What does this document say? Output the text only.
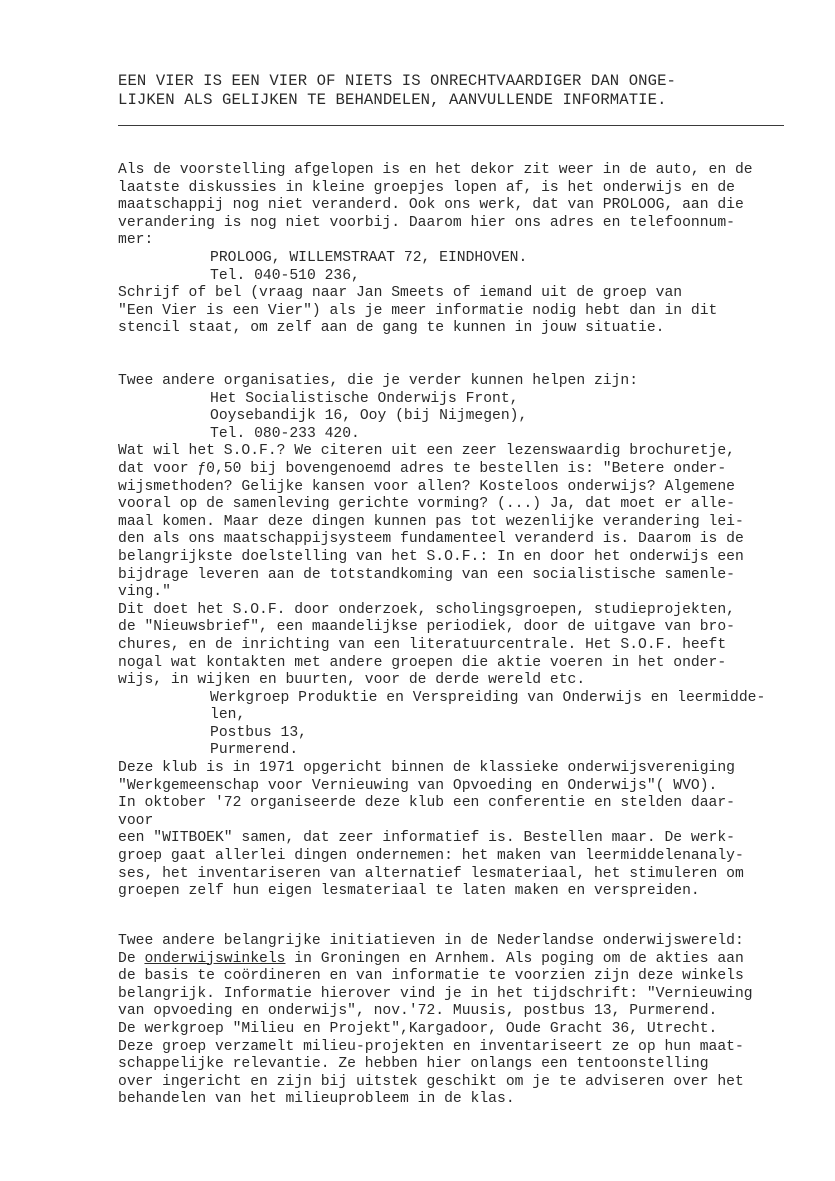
EEN VIER IS EEN VIER OF NIETS IS ONRECHTVAARDIGER DAN ONGE-
LIJKEN ALS GELIJKEN TE BEHANDELEN, AANVULLENDE INFORMATIE.
Als de voorstelling afgelopen is en het dekor zit weer in de auto, en de
laatste diskussies in kleine groepjes lopen af, is het onderwijs en de
maatschappij nog niet veranderd. Ook ons werk, dat van PROLOOG, aan die
verandering is nog niet voorbij. Daarom hier ons adres en telefoonnum-
mer:
PROLOOG, WILLEMSTRAAT 72, EINDHOVEN.
Tel. 040-510 236,
Schrijf of bel (vraag naar Jan Smeets of iemand uit de groep van
"Een Vier is een Vier") als je meer informatie nodig hebt dan in dit
stencil staat, om zelf aan de gang te kunnen in jouw situatie.
Twee andere organisaties, die je verder kunnen helpen zijn:
Het Socialistische Onderwijs Front,
Ooysebandijk 16, Ooy (bij Nijmegen),
Tel. 080-233 420.
Wat wil het S.O.F.? We citeren uit een zeer lezenswaardig brochuretje,
dat voor ƒ0,50 bij bovengenoemd adres te bestellen is: "Betere onder-
wijsmethoden? Gelijke kansen voor allen? Kosteloos onderwijs? Algemene
vooral op de samenleving gerichte vorming? (...) Ja, dat moet er alle-
maal komen. Maar deze dingen kunnen pas tot wezenlijke verandering lei-
den als ons maatschappijsysteem fundamenteel veranderd is. Daarom is de
belangrijkste doelstelling van het S.O.F.: In en door het onderwijs een
bijdrage leveren aan de totstandkoming van een socialistische samenle-
ving."
Dit doet het S.O.F. door onderzoek, scholingsgroepen, studieprojekten,
de "Nieuwsbrief", een maandelijkse periodiek, door de uitgave van bro-
chures, en de inrichting van een literatuurcentrale. Het S.O.F. heeft
nogal wat kontakten met andere groepen die aktie voeren in het onder-
wijs, in wijken en buurten, voor de derde wereld etc.
Werkgroep Produktie en Verspreiding van Onderwijs en leermidde-
len,
Postbus 13,
Purmerend.
Deze klub is in 1971 opgericht binnen de klassieke onderwijsvereniging
"Werkgemeenschap voor Vernieuwing van Opvoeding en Onderwijs"( WVO).
In oktober '72 organiseerde deze klub een conferentie en stelden daar-
voor
een "WITBOEK" samen, dat zeer informatief is. Bestellen maar. De werk-
groep gaat allerlei dingen ondernemen: het maken van leermiddelenanaly-
ses, het inventariseren van alternatief lesmateriaal, het stimuleren om
groepen zelf hun eigen lesmateriaal te laten maken en verspreiden.
Twee andere belangrijke initiatieven in de Nederlandse onderwijswereld:
De onderwijswinkels in Groningen en Arnhem. Als poging om de akties aan
de basis te coördineren en van informatie te voorzien zijn deze winkels
belangrijk. Informatie hierover vind je in het tijdschrift: "Vernieuwing
van opvoeding en onderwijs", nov.'72. Muusis, postbus 13, Purmerend.
De werkgroep "Milieu en Projekt",Kargadoor, Oude Gracht 36, Utrecht.
Deze groep verzamelt milieu-projekten en inventariseert ze op hun maat-
schappelijke relevantie. Ze hebben hier onlangs een tentoonstelling
over ingericht en zijn bij uitstek geschikt om je te adviseren over het
behandelen van het milieuprobleem in de klas.
